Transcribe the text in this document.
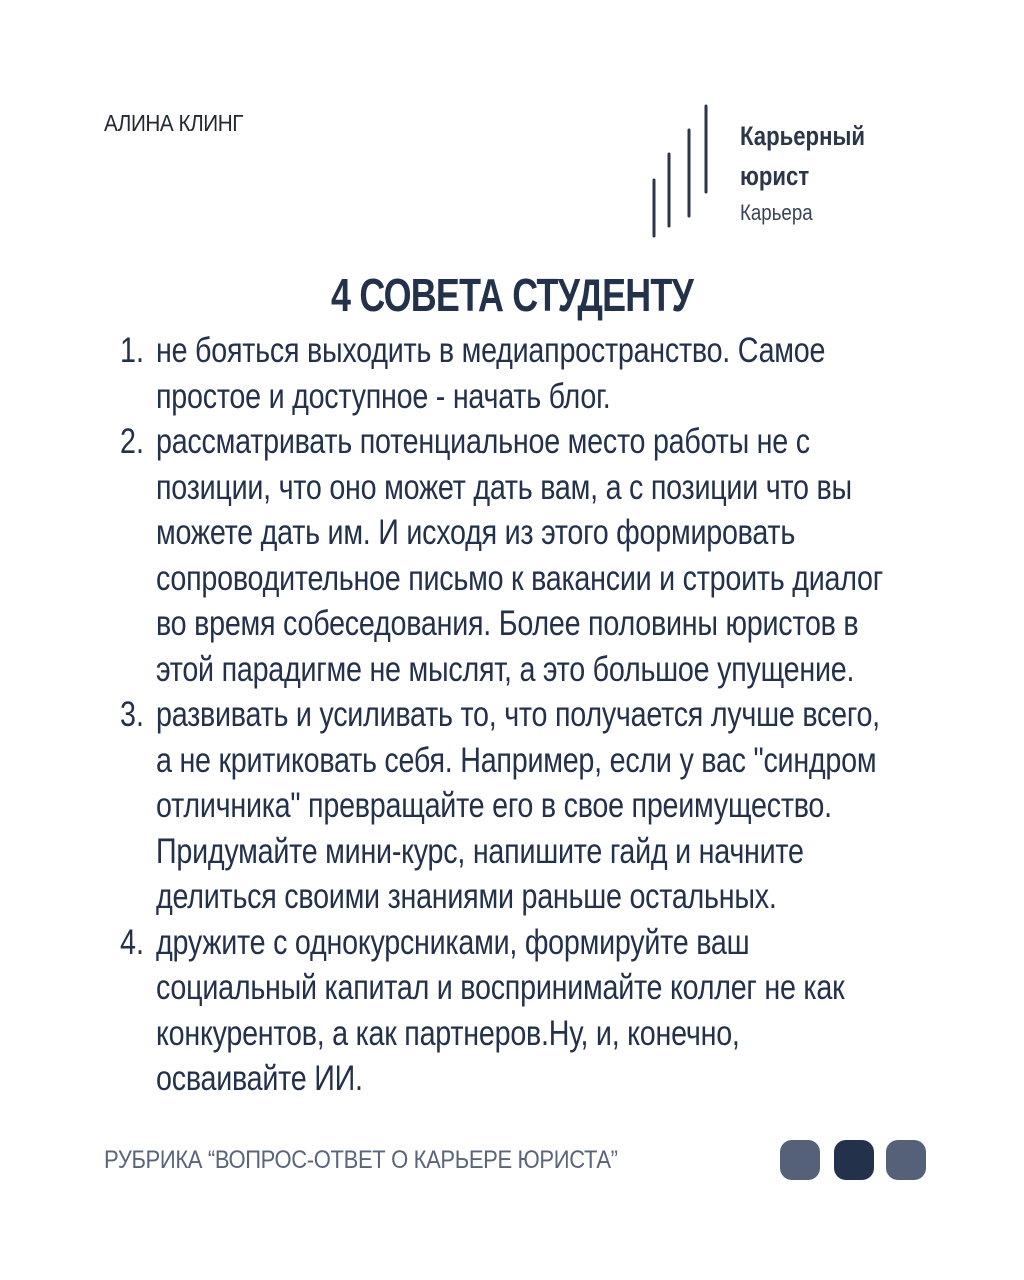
АЛИНА КЛИНГ	Карьерный
юрист
Карьера
4 СОВЕТА СТУДЕНТУ
1. не бояться выходить в медиапространство. Самое
простое и доступное - начать блог.
2. рассматривать потенциальное место работы не с
позиции, что оно может дать вам, а с позиции что вы
можете дать им. И исходя из этого формировать
сопроводительное письмо к вакансии и строить диалог
во время собеседования. Более половины юристов в
этой парадигме не мыслят, а это большое упущение.
3. развивать и усиливать то, что получается лучше всего,
а не критиковать себя. Например, если у вас "синдром
отличника" превращайте его в свое преимущество.
Придумайте мини-курс, напишите гайд и начните
делиться своими знаниями раньше остальных.
4. дружите с однокурсниками, формируйте ваш
социальный капитал и воспринимайте коллег не как
конкурентов, а как партнеров.Ну, и, конечно,
осваивайте ИИ.
РУБРИКА “ВОПРОС-ОТВЕТ О КАРЬЕРЕ ЮРИСТА”
